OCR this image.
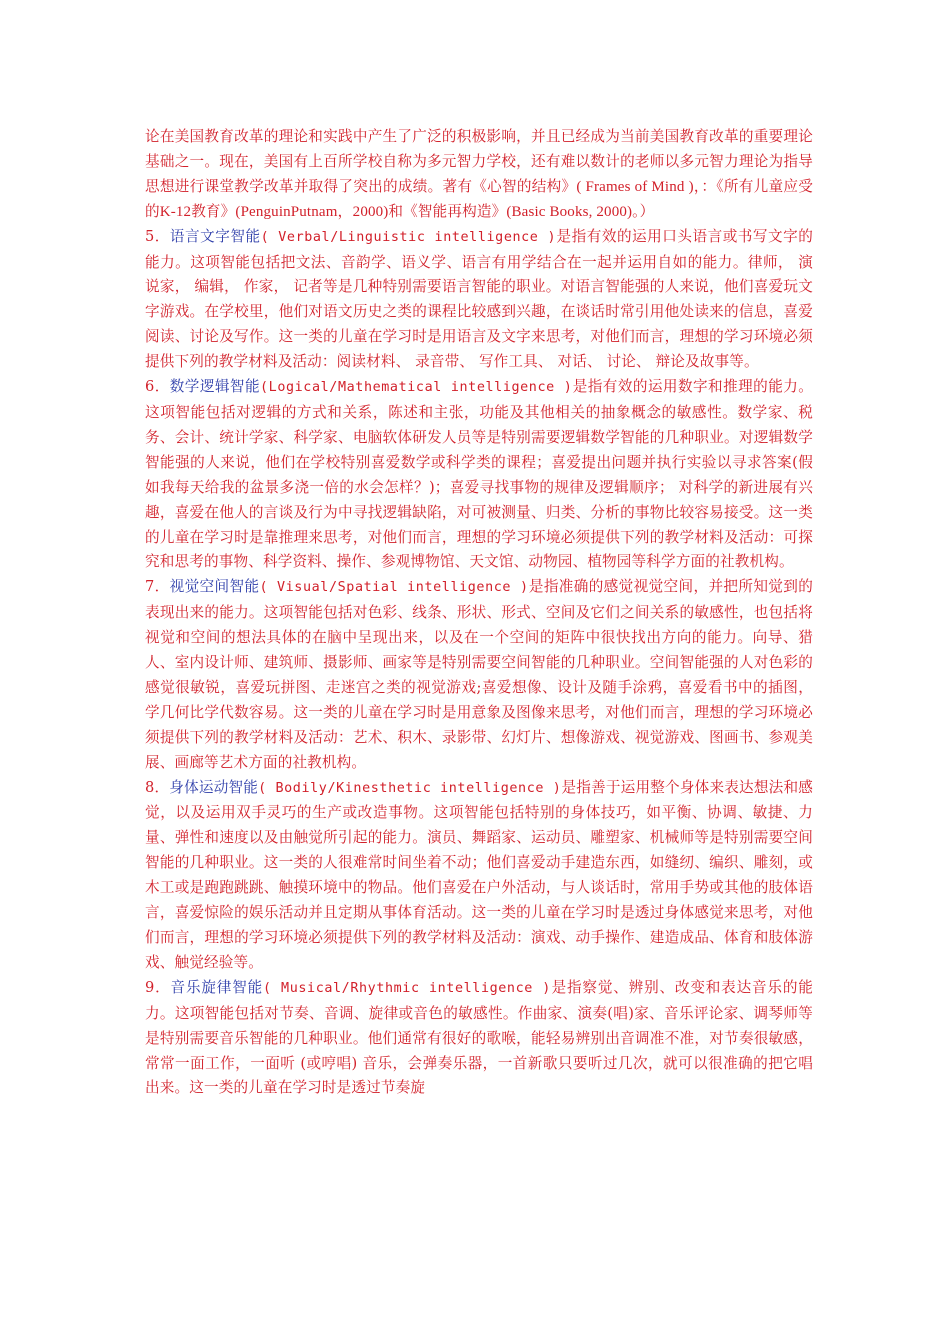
论在美国教育改革的理论和实践中产生了广泛的积极影响，并且已经成为当前美国教育改革的重要理论基础之一。现在，美国有上百所学校自称为多元智力学校，还有难以数计的老师以多元智力理论为指导思想进行课堂教学改革并取得了突出的成绩。著有《心智的结构》( Frames of Mind )，：《所有儿童应受的K-12教育》(PenguinPutnam，2000)和《智能再构造》(Basic Books, 2000)。）

5．语言文字智能( Verbal/Linguistic intelligence )是指有效的运用口头语言或书写文字的能力。这项智能包括把文法、音韵学、语义学、语言有用学结合在一起并运用自如的能力。律师， 演说家， 编辑， 作家， 记者等是几种特别需要语言智能的职业。对语言智能强的人来说，他们喜爱玩文字游戏。在学校里，他们对语文历史之类的课程比较感到兴趣，在谈话时常引用他处读来的信息，喜爱阅读、讨论及写作。这一类的儿童在学习时是用语言及文字来思考，对他们而言，理想的学习环境必须提供下列的教学材料及活动：阅读材料、 录音带、 写作工具、 对话、 讨论、 辩论及故事等。

6．数学逻辑智能(Logical/Mathematical intelligence )是指有效的运用数字和推理的能力。这项智能包括对逻辑的方式和关系，陈述和主张，功能及其他相关的抽象概念的敏感性。数学家、税务、会计、统计学家、科学家、电脑软体研发人员等是特别需要逻辑数学智能的几种职业。对逻辑数学智能强的人来说，他们在学校特别喜爱数学或科学类的课程；喜爱提出问题并执行实验以寻求答案(假如我每天给我的盆景多浇一倍的水会怎样？)；喜爱寻找事物的规律及逻辑顺序； 对科学的新进展有兴趣，喜爱在他人的言谈及行为中寻找逻辑缺陷，对可被测量、归类、分析的事物比较容易接受。这一类的儿童在学习时是靠推理来思考，对他们而言，理想的学习环境必须提供下列的教学材料及活动：可探究和思考的事物、科学资料、操作、参观博物馆、天文馆、动物园、植物园等科学方面的社教机构。

7．视觉空间智能( Visual/Spatial intelligence )是指准确的感觉视觉空间，并把所知觉到的表现出来的能力。这项智能包括对色彩、线条、形状、形式、空间及它们之间关系的敏感性，也包括将视觉和空间的想法具体的在脑中呈现出来，以及在一个空间的矩阵中很快找出方向的能力。向导、猎人、室内设计师、建筑师、摄影师、画家等是特别需要空间智能的几种职业。空间智能强的人对色彩的感觉很敏锐，喜爱玩拼图、走迷宫之类的视觉游戏;喜爱想像、设计及随手涂鸦，喜爱看书中的插图，学几何比学代数容易。这一类的儿童在学习时是用意象及图像来思考，对他们而言，理想的学习环境必须提供下列的教学材料及活动：艺术、积木、录影带、幻灯片、想像游戏、视觉游戏、图画书、参观美展、画廊等艺术方面的社教机构。

8．身体运动智能( Bodily/Kinesthetic intelligence )是指善于运用整个身体来表达想法和感觉，以及运用双手灵巧的生产或改造事物。这项智能包括特别的身体技巧，如平衡、协调、敏捷、力量、弹性和速度以及由触觉所引起的能力。演员、舞蹈家、运动员、雕塑家、机械师等是特别需要空间智能的几种职业。这一类的人很难常时间坐着不动；他们喜爱动手建造东西，如缝纫、编织、雕刻，或木工或是跑跑跳跳、触摸环境中的物品。他们喜爱在户外活动，与人谈话时，常用手势或其他的肢体语言，喜爱惊险的娱乐活动并且定期从事体育活动。这一类的儿童在学习时是透过身体感觉来思考，对他们而言，理想的学习环境必须提供下列的教学材料及活动：演戏、动手操作、建造成品、体育和肢体游戏、触觉经验等。

9．音乐旋律智能( Musical/Rhythmic intelligence )是指察觉、辨别、改变和表达音乐的能力。这项智能包括对节奏、音调、旋律或音色的敏感性。作曲家、演奏(唱)家、音乐评论家、调琴师等是特别需要音乐智能的几种职业。他们通常有很好的歌喉，能轻易辨别出音调准不准，对节奏很敏感，常常一面工作，一面听 (或哼唱) 音乐，会弹奏乐器，一首新歌只要听过几次，就可以很准确的把它唱出来。这一类的儿童在学习时是透过节奏旋
